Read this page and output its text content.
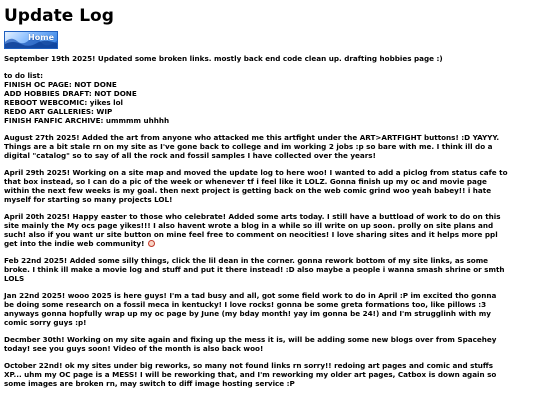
Update Log
Home

September 19th 2025! Updated some broken links. mostly back end code clean up. drafting hobbies page :)

to do list:
FINISH OC PAGE: NOT DONE
ADD HOBBIES DRAFT: NOT DONE
REBOOT WEBCOMIC: yikes lol
REDO ART GALLERIES: WIP
FINISH FANFIC ARCHIVE: ummmm uhhhh

August 27th 2025! Added the art from anyone who attacked me this artfight under the ART>ARTFIGHT buttons! :D YAYYY.
Things are a bit stale rn on my site as I've gone back to college and im working 2 jobs :p so bare with me. I think ill do a
digital "catalog" so to say of all the rock and fossil samples I have collected over the years!

April 29th 2025! Working on a site map and moved the update log to here woo! I wanted to add a piclog from status cafe to
that box instead, so I can do a pic of the week or whenever tf i feel like it LOLZ. Gonna finish up my oc and movie page
within the next few weeks is my goal. then next project is getting back on the web comic grind woo yeah babey!! i hate
myself for starting so many projects LOL!

April 20th 2025! Happy easter to those who celebrate! Added some arts today. I still have a buttload of work to do on this
site mainly the My ocs page yikes!!! I also havent wrote a blog in a while so ill write on up soon. prolly on site plans and
such! also if you want ur site button on mine feel free to comment on neocities! I love sharing sites and it helps more ppl
get into the indie web community!

Feb 22nd 2025! Added some silly things, click the lil dean in the corner. gonna rework bottom of my site links, as some
broke. I think ill make a movie log and stuff and put it there instead! :D also maybe a people i wanna smash shrine or smth
LOLS

Jan 22nd 2025! wooo 2025 is here guys! I'm a tad busy and all, got some field work to do in April :P im excited tho gonna
be doing some research on a fossil meca in kentucky! I love rocks! gonna be some greta formations too, like pillows :3
anyways gonna hopfully wrap up my oc page by June (my bday month! yay im gonna be 24!) and I'm strugglinh with my
comic sorry guys :p!

Decmber 30th! Working on my site again and fixing up the mess it is, will be adding some new blogs over from Spacehey
today! see you guys soon! Video of the month is also back woo!

October 22nd! ok my sites under big reworks, so many not found links rn sorry!! redoing art pages and comic and stuffs
XP... uhm my OC page is a MESS! I will be reworking that, and I'm reworking my older art pages, Catbox is down again so
some images are broken rn, may switch to diff image hosting service :P
